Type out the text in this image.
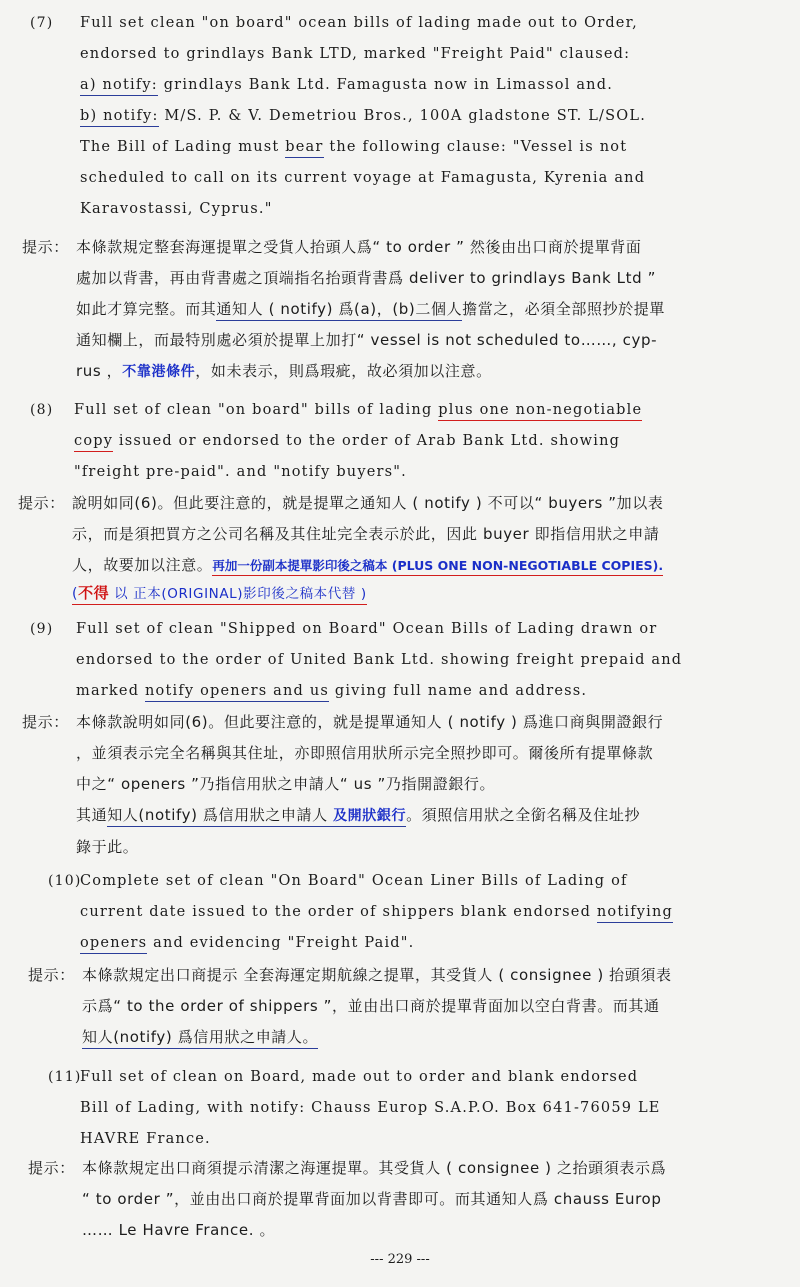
(7)	Full set clean "on board" ocean bills of lading made out to Order,
endorsed to grindlays Bank LTD, marked "Freight Paid" claused:
a) notify: grindlays Bank Ltd. Famagusta now in Limassol and.
b) notify: M/S. P. & V. Demetriou Bros., 100A gladstone ST. L/SOL.
The Bill of Lading must bear the following clause: "Vessel is not
scheduled to call on its current voyage at Famagusta, Kyrenia and
Karavostassi, Cyprus."
提示： 本條款規定整套海運提單之受貨人抬頭人爲“ to order ” 然後由出口商於提單背面
處加以背書，再由背書處之頂端指名抬頭背書爲 deliver to grindlays Bank Ltd ”
如此才算完整。而其通知人 ( notify) 爲(a)，(b)二個人擔當之，必須全部照抄於提單
通知欄上，而最特別處必須於提單上加打“ vessel is not scheduled to……, cyp-
rus ，不靠港條件，如未表示，則爲瑕疵，故必須加以注意。
(8)	Full set of clean "on board" bills of lading plus one non-negotiable
copy issued or endorsed to the order of Arab Bank Ltd. showing
"freight pre-paid". and "notify buyers".
提示： 說明如同(6)。但此要注意的，就是提單之通知人 ( notify ) 不可以“ buyers ”加以表
示，而是須把買方之公司名稱及其住址完全表示於此，因此 buyer 即指信用狀之申請
人，故要加以注意。再加一份副本提單影印後之稿本 (PLUS ONE NON-NEGOTIABLE COPIES).
(不得 以 正本(ORIGINAL)影印後之稿本代替 )
(9)	Full set of clean "Shipped on Board" Ocean Bills of Lading drawn or
endorsed to the order of United Bank Ltd. showing freight prepaid and
marked notify openers and us giving full name and address.
提示： 本條款說明如同(6)。但此要注意的，就是提單通知人 ( notify ) 爲進口商與開證銀行
，並須表示完全名稱與其住址，亦即照信用狀所示完全照抄即可。爾後所有提單條款
中之“ openers ”乃指信用狀之申請人“ us ”乃指開證銀行。
其通知人(notify) 爲信用狀之申請人 及開狀銀行。須照信用狀之全銜名稱及住址抄
錄于此。
(10)
Complete set of clean "On Board" Ocean Liner Bills of Lading of
current date issued to the order of shippers blank endorsed notifying
openers and evidencing "Freight Paid".
提示： 本條款規定出口商提示 全套海運定期航線之提單，其受貨人 ( consignee ) 抬頭須表
示爲“ to the order of shippers ”，並由出口商於提單背面加以空白背書。而其通
知人(notify) 爲信用狀之申請人。
(11)
Full set of clean on Board, made out to order and blank endorsed
Bill of Lading, with notify: Chauss Europ S.A.P.O. Box 641-76059 LE
HAVRE France.
提示： 本條款規定出口商須提示清潔之海運提單。其受貨人 ( consignee ) 之抬頭須表示爲
“ to order ”，並由出口商於提單背面加以背書即可。而其通知人爲 chauss Europ
…… Le Havre France. 。
--- 229 ---
